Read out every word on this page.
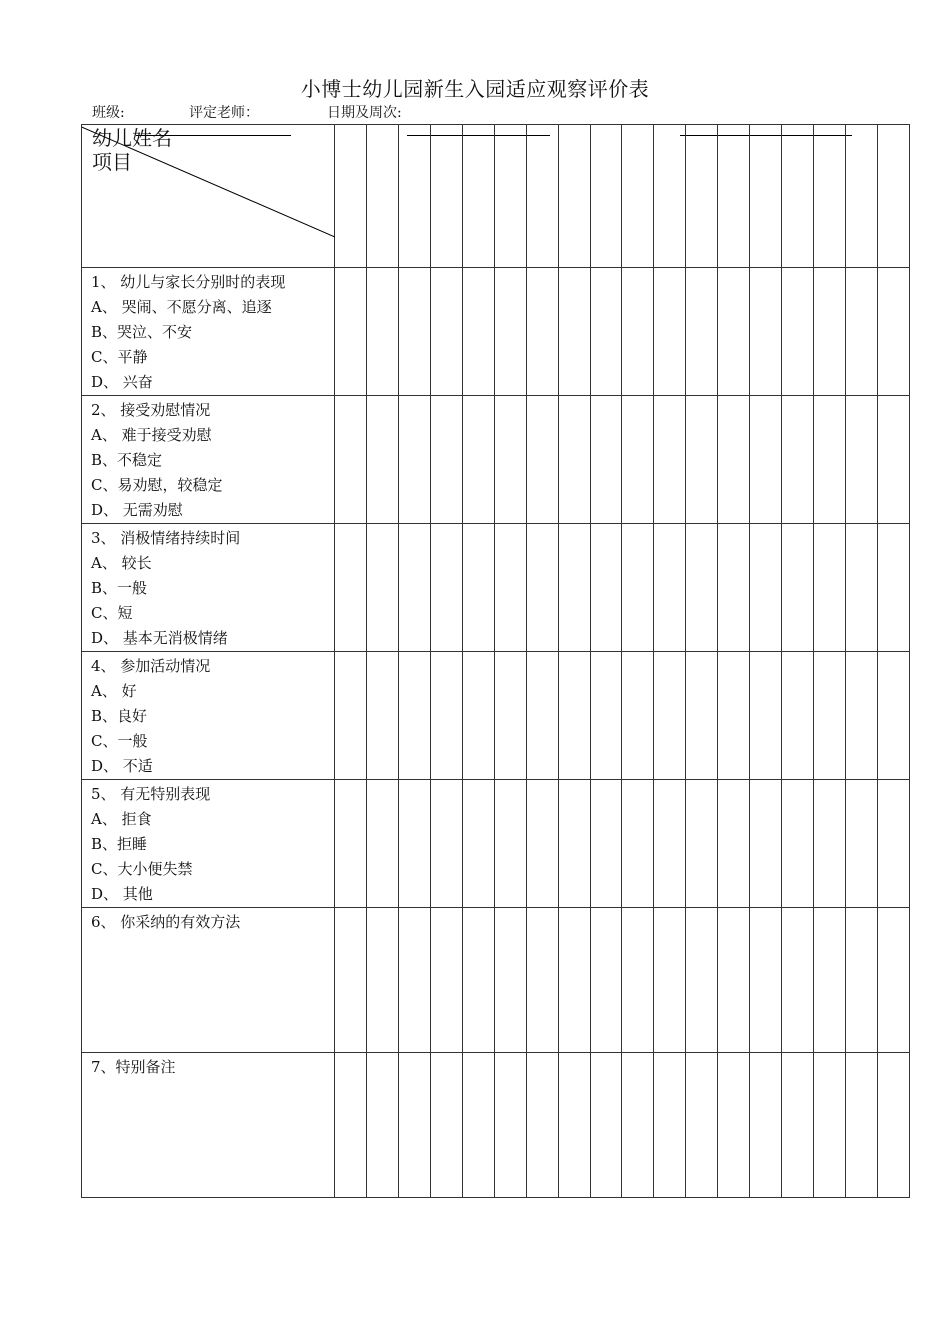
小博士幼儿园新生入园适应观察评价表
班级:	评定老师：	日期及周次:
幼儿姓名
项目																		

1、 幼儿与家长分别时的表现
A、 哭闹、不愿分离、追逐
B、哭泣、不安
C、平静
D、 兴奋																		

2、 接受劝慰情况
A、 难于接受劝慰
B、不稳定
C、易劝慰，较稳定
D、 无需劝慰																		

3、 消极情绪持续时间
A、 较长
B、一般
C、短
D、 基本无消极情绪																		

4、 参加活动情况
A、 好
B、良好
C、一般
D、 不适																		

5、 有无特别表现
A、 拒食
B、拒睡
C、大小便失禁
D、 其他																		

6、 你采纳的有效方法																		

7、特别备注																		
